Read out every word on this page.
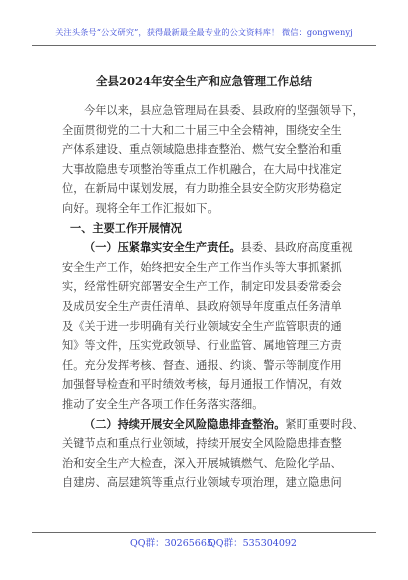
关注头条号“公文研究”，获得最新最全最专业的公文资料库！ 微信：gongwenyj
全县2024年安全生产和应急管理工作总结

今年以来，县应急管理局在县委、县政府的坚强领导下，

全面贯彻党的二十大和二十届三中全会精神，围绕安全生

产体系建设、重点领域隐患排查整治、燃气安全整治和重

大事故隐患专项整治等重点工作机融合，在大局中找准定

位，在新局中谋划发展，有力助推全县安全防灾形势稳定

向好。现将全年工作汇报如下。

一、主要工作开展情况

（一）压紧靠实安全生产责任。县委、县政府高度重视

安全生产工作，始终把安全生产工作当作头等大事抓紧抓

实，经常性研究部署安全生产工作，制定印发县委常委会

及成员安全生产责任清单、县政府领导年度重点任务清单

及《关于进一步明确有关行业领域安全生产监管职责的通

知》等文件，压实党政领导、行业监管、属地管理三方责

任。充分发挥考核、督查、通报、约谈、警示等制度作用

加强督导检查和平时绩效考核，每月通报工作情况，有效

推动了安全生产各项工作任务落实落细。

（二）持续开展安全风险隐患排查整治。紧盯重要时段、

关键节点和重点行业领域，持续开展安全风险隐患排查整

治和安全生产大检查，深入开展城镇燃气、危险化学品、

自建房、高层建筑等重点行业领域专项治理，建立隐患问

QQ群：30265665
QQ群：535304092
